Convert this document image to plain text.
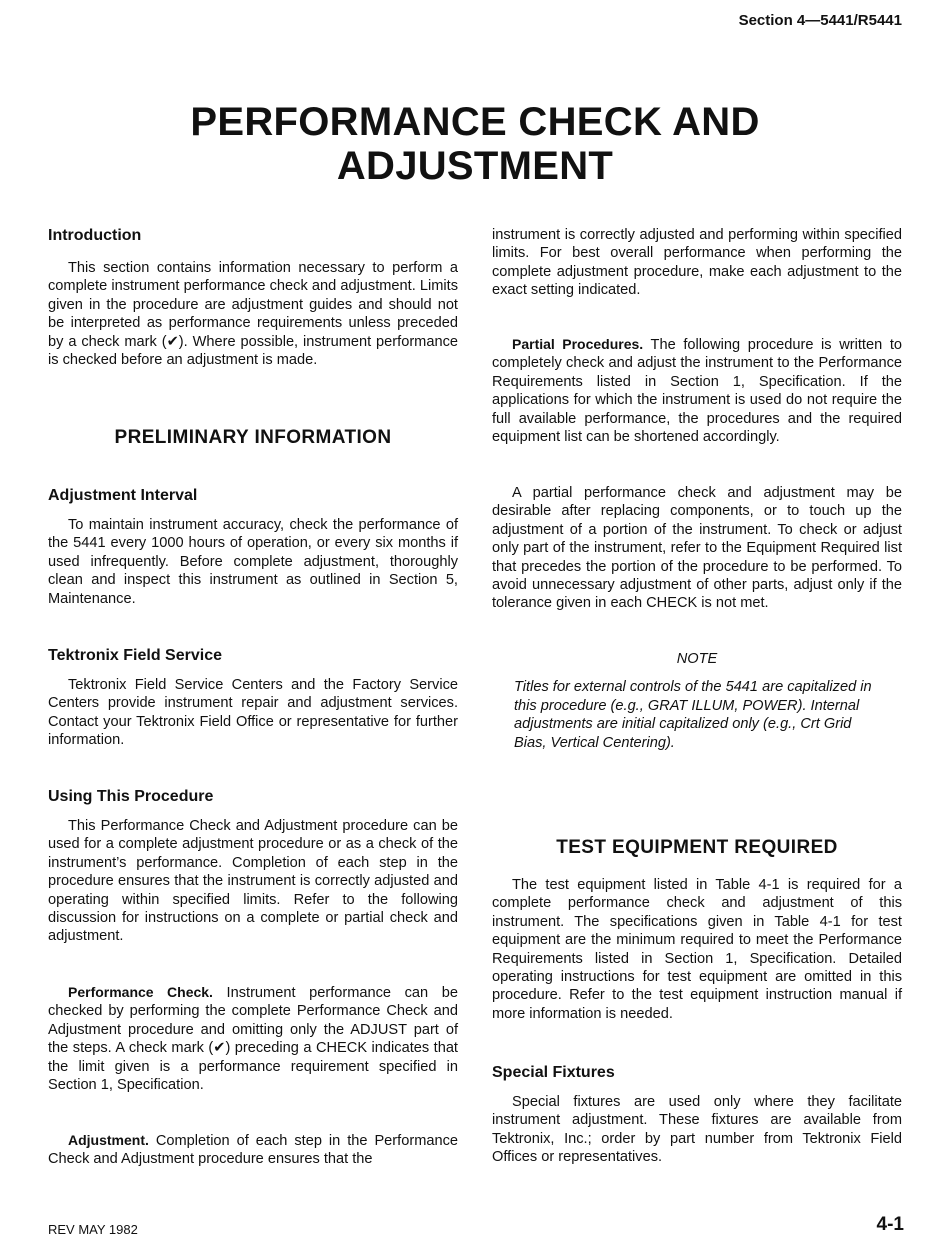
Section 4—5441/R5441
PERFORMANCE CHECK AND
ADJUSTMENT
Introduction

This section contains information necessary to perform a complete instrument performance check and adjustment. Limits given in the procedure are adjustment guides and should not be interpreted as performance requirements unless preceded by a check mark (✔). Where possible, instrument performance is checked before an adjustment is made.

PRELIMINARY INFORMATION
Adjustment Interval

To maintain instrument accuracy, check the performance of the 5441 every 1000 hours of operation, or every six months if used infrequently. Before complete adjustment, thoroughly clean and inspect this instrument as outlined in Section 5, Maintenance.

Tektronix Field Service

Tektronix Field Service Centers and the Factory Service Centers provide instrument repair and adjustment services. Contact your Tektronix Field Office or representative for further information.

Using This Procedure

This Performance Check and Adjustment procedure can be used for a complete adjustment procedure or as a check of the instrument’s performance. Completion of each step in the procedure ensures that the instrument is correctly adjusted and operating within specified limits. Refer to the following discussion for instructions on a complete or partial check and adjustment.

Performance Check. Instrument performance can be checked by performing the complete Performance Check and Adjustment procedure and omitting only the ADJUST part of the steps. A check mark (✔) preceding a CHECK indicates that the limit given is a performance requirement specified in Section 1, Specification.

Adjustment. Completion of each step in the Performance Check and Adjustment procedure ensures that the

instrument is correctly adjusted and performing within specified limits. For best overall performance when performing the complete adjustment procedure, make each adjustment to the exact setting indicated.

Partial Procedures. The following procedure is written to completely check and adjust the instrument to the Performance Requirements listed in Section 1, Specification. If the applications for which the instrument is used do not require the full available performance, the procedures and the required equipment list can be shortened accordingly.

A partial performance check and adjustment may be desirable after replacing components, or to touch up the adjustment of a portion of the instrument. To check or adjust only part of the instrument, refer to the Equipment Required list that precedes the portion of the procedure to be performed. To avoid unnecessary adjustment of other parts, adjust only if the tolerance given in each CHECK is not met.

NOTE

Titles for external controls of the 5441 are capitalized in this procedure (e.g., GRAT ILLUM, POWER). Internal adjustments are initial capitalized only (e.g., Crt Grid Bias, Vertical Centering).

TEST EQUIPMENT REQUIRED

The test equipment listed in Table 4-1 is required for a complete performance check and adjustment of this instrument. The specifications given in Table 4-1 for test equipment are the minimum required to meet the Performance Requirements listed in Section 1, Specification. Detailed operating instructions for test equipment are omitted in this procedure. Refer to the test equipment instruction manual if more information is needed.

Special Fixtures

Special fixtures are used only where they facilitate instrument adjustment. These fixtures are available from Tektronix, Inc.; order by part number from Tektronix Field Offices or representatives.

REV MAY 1982	4-1
